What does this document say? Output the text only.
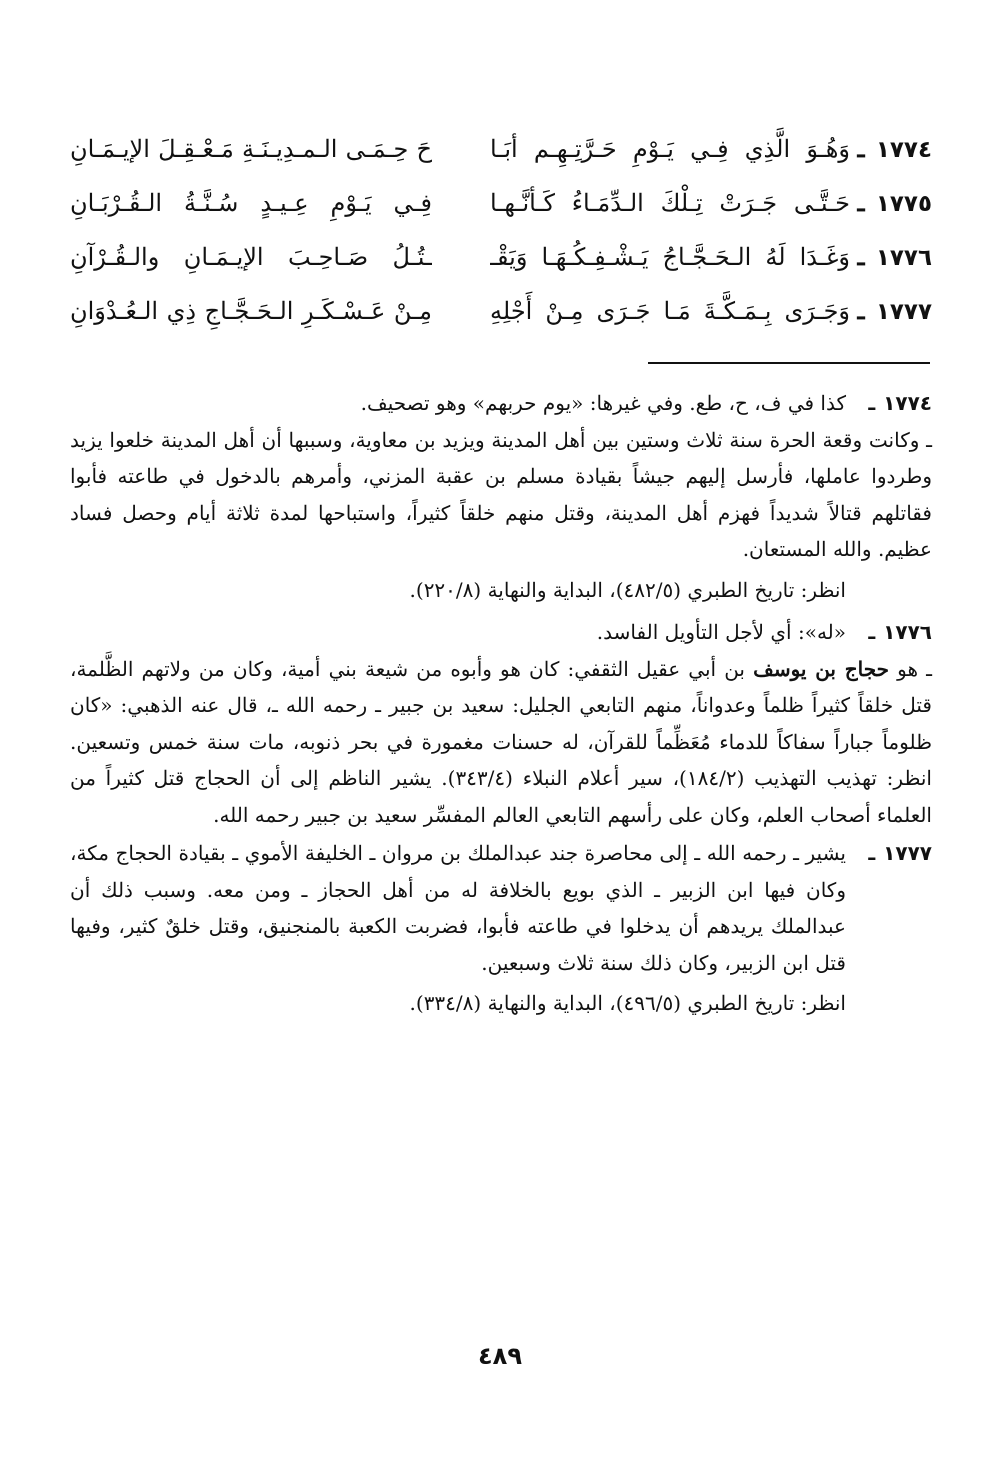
١٧٧٤
ـ
وَهُـوَ الَّذِي فِـي يَـوْمِ حَـرَّتِـهِـم أبَـا
حَ حِـمَـى الـمـدِيـنَـةِ مَـعْـقِـلَ الإيـمَـانِ
١٧٧٥
ـ
حَـتَّـى جَـرَتْ تِـلْكَ الـدِّمَـاءُ كَـأنَّـهـا
فِـي يَـوْمِ عِـيـدٍ سُـنَّـةُ الـقُـرْبَـانِ
١٧٧٦
ـ
وَغَـدَا لَهُ الـحَـجَّـاجُ يَـشْـفِـكُـهَـا وَيَقْـ
ـتُـلُ صَـاحِـبَ الإيـمَـانِ والـقُـرْآنِ
١٧٧٧
ـ
وَجَـرَى بِـمَـكَّـةَ مَـا جَـرَى مِـنْ أَجْلِهِ
مِـنْ عَـسْـكَـرِ الـحَـجَّـاجِ ذِي الـعُـدْوَانِ
١٧٧٤ـ

كذا في ف، ح، طع. وفي غيرها: «يوم حربهم» وهو تصحيف.

ـ وكانت وقعة الحرة سنة ثلاث وستين بين أهل المدينة ويزيد بن معاوية، وسببها أن أهل المدينة خلعوا يزيد وطردوا عاملها، فأرسل إليهم جيشاً بقيادة مسلم بن عقبة المزني، وأمرهم بالدخول في طاعته فأبوا فقاتلهم قتالاً شديداً فهزم أهل المدينة، وقتل منهم خلقاً كثيراً، واستباحها لمدة ثلاثة أيام وحصل فساد عظيم. والله المستعان.

انظر: تاريخ الطبري (٤٨٢/٥)، البداية والنهاية (٢٢٠/٨).

١٧٧٦ـ

«له»: أي لأجل التأويل الفاسد.

ـ هو حجاج بن يوسف بن أبي عقيل الثقفي: كان هو وأبوه من شيعة بني أمية، وكان من ولاتهم الظَّلمة، قتل خلقاً كثيراً ظلماً وعدواناً، منهم التابعي الجليل: سعيد بن جبير ـ رحمه الله ـ، قال عنه الذهبي: «كان ظلوماً جباراً سفاكاً للدماء مُعَظِّماً للقرآن، له حسنات مغمورة في بحر ذنوبه، مات سنة خمس وتسعين. انظر: تهذيب التهذيب (١٨٤/٢)، سير أعلام النبلاء (٣٤٣/٤). يشير الناظم إلى أن الحجاج قتل كثيراً من العلماء أصحاب العلم، وكان على رأسهم التابعي العالم المفسِّر سعيد بن جبير رحمه الله.

١٧٧٧ـ

يشير ـ رحمه الله ـ إلى محاصرة جند عبدالملك بن مروان ـ الخليفة الأموي ـ بقيادة الحجاج مكة، وكان فيها ابن الزبير ـ الذي بويع بالخلافة له من أهل الحجاز ـ ومن معه. وسبب ذلك أن عبدالملك يريدهم أن يدخلوا في طاعته فأبوا، فضربت الكعبة بالمنجنيق، وقتل خلقٌ كثير، وفيها قتل ابن الزبير، وكان ذلك سنة ثلاث وسبعين.

انظر: تاريخ الطبري (٤٩٦/٥)، البداية والنهاية (٣٣٤/٨).

٤٨٩
